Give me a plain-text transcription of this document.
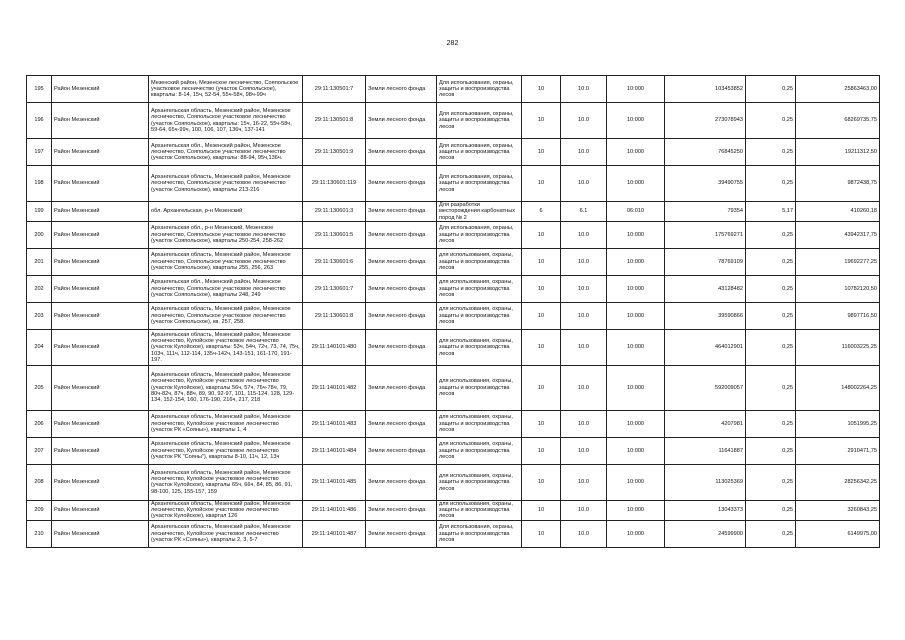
282
195	Район Мезенский	Мезенский район, Мезенское лесничество, Сояпольское участковое лесничество (участок Сояпольское), кварталы: 8-14, 15ч, 52-54, 55ч-58ч, 98ч-99ч	29:11:130501:7	Земли лесного фонда	Для использования, охраны, защиты и воспроизводства лесов	10	10.0	10:000	103453852	0,25	25863463,00
196	Район Мезенский	Архангельская область, Мезенский район, Мезенское лесничество, Сояпольское участковое лесничество (участок Сояпольское), кварталы: 15ч, 16-22, 55ч-58ч, 59-64, 65ч-99ч, 100, 106, 107, 136ч, 137-141	29:11:130501:8	Земли лесного фонда	Для использования, охраны, защиты и воспроизводства лесов	10	10.0	10:000	273078943	0,25	68269735,75
197	Район Мезенский	Архангельская обл., Мезенский район, Мезенское лесничество, Сояпольское участковое лесничество (участок Сояпольское), кварталы: 88-94, 95ч,136ч.	29:11:130501:9	Земли лесного фонда	Для использования, охраны, защиты и воспроизводства лесов	10	10.0	10:000	76845250	0,25	19211312,50
198	Район Мезенский	Архангельская область, Мезенский район, Мезенское лесничество, Сояпольское участковое лесничество (участок Сояпольское), кварталы 213-216	29:11:130601:119	Земли лесного фонда	Для использования, охраны, защиты и воспроизводства лесов	10	10.0	10:000	39490755	0,25	9872438,75
199	Район Мезенский	обл. Архангельская, р-н Мезенский	29:11:130601:3	Земли лесного фонда	Для разработки месторождения карбонатных пород № 2	6	6.1	06:010	79354	5,17	410260,18
200	Район Мезенский	Архангельская обл., р-н Мезенский, Мезенское лесничество, Сояпольское участковое лесничество (участок Сояпольское), кварталы 250-254, 258-262	29:11:130601:5	Земли лесного фонда	Для использования, охраны, защиты и воспроизводства лесов	10	10.0	10:000	175769271	0,25	43942317,75
201	Район Мезенский	Архангельская область, Мезенский район, Мезенское лесничество, Сояпольское участковое лесничество (участок Сояпольское), кварталы 255, 256, 263	29:11:130601:6	Земли лесного фонда	для использования, охраны, защиты и воспроизводства лесов	10	10.0	10:000	78769109	0,25	19692277,25
202	Район Мезенский	Архангельская обл., Мезенский район, Мезенское лесничество, Сояпольское участковое лесничество (участок Сояпольское), кварталы 248, 249	29:11:130601:7	Земли лесного фонда	для использования, охраны, защиты и воспроизводства лесов	10	10.0	10:000	43128482	0,25	10782120,50
203	Район Мезенский	Архангельская область, Мезенский район, Мезенское лесничество, Сояпольское участковое лесничество (участок Сояпольское), кв. 257, 258.	29:11:130601:8	Земли лесного фонда	для использования, охраны, защиты и воспроизводства лесов	10	10.0	10:000	39590866	0,25	9897716,50
204	Район Мезенский	Архангельская область, Мезенский район, Мезенское лесничество, Кулойское участковое лесничество (участок Кулойское), кварталы: 53ч, 54ч, 72ч, 73, 74, 75ч, 103ч, 111ч, 112-114, 135ч-142ч, 143-151, 161-170, 191-197.	29:11:140101:480	Земли лесного фонда	для использования, охраны, защиты и воспроизводства лесов	10	10.0	10:000	464012901	0,25	116003225,25
205	Район Мезенский	Архангельская область, Мезенский район, Мезенское лесничество, Кулойское участковое лесничество (участок Кулойское), кварталы 56ч, 57ч, 76ч-78ч, 79, 80ч-82ч, 87ч, 88ч, 89, 90, 92-97, 101, 115-124, 128, 129-134, 152-154, 160, 176-190, 216ч, 217, 218	29:11:140101:482	Земли лесного фонда	для использования, охраны, защиты и воспроизводства лесов	10	10.0	10:000	592009057	0,25	148002264,25
206	Район Мезенский	Архангельская область, Мезенский район, Мезенское лесничество, Кулойское участковое лесничество (участок РК «Сояны»), кварталы 1, 4	29:11:140101:483	Земли лесного фонда	для использования, охраны, защиты и воспроизводства лесов	10	10.0	10:000	4207981	0,25	1051995,25
207	Район Мезенский	Архангельская область, Мезенский район, Мезенское лесничество, Кулойское участковое лесничество (участок РК "Сояны"), кварталы 8-10, 11ч, 12, 13ч	29:11:140101:484	Земли лесного фонда	для использования, охраны, защиты и воспроизводства лесов	10	10.0	10:000	11641887	0,25	2910471,75
208	Район Мезенский	Архангельская область, Мезенский район, Мезенское лесничество, Кулойское участковое лесничество (участок Кулойское), кварталы 65ч, 66ч, 84, 85, 86, 91, 98-100, 125, 155-157, 159	29:11:140101:485	Земли лесного фонда	для использования, охраны, защиты и воспроизводства лесов	10	10.0	10:000	113025369	0,25	28256342,25
209	Район Мезенский	Архангельская область, Мезенский район, Мезенское лесничество, Кулойское участковое лесничество (участок Кулойское), квартал 126	29:11:140101:486	Земли лесного фонда	для использования, охраны, защиты и воспроизводства лесов	10	10.0	10:000	13043373	0,25	3260843,25
210	Район Мезенский	Архангельская область, Мезенский район, Мезенское лесничество, Кулойское участковое лесничество (участок РК «Сояны»), кварталы 2, 3, 5-7	29:11:140101:487	Земли лесного фонда	Для использования, охраны, защиты и воспроизводства лесов	10	10.0	10:000	24599900	0,25	6149975,00
